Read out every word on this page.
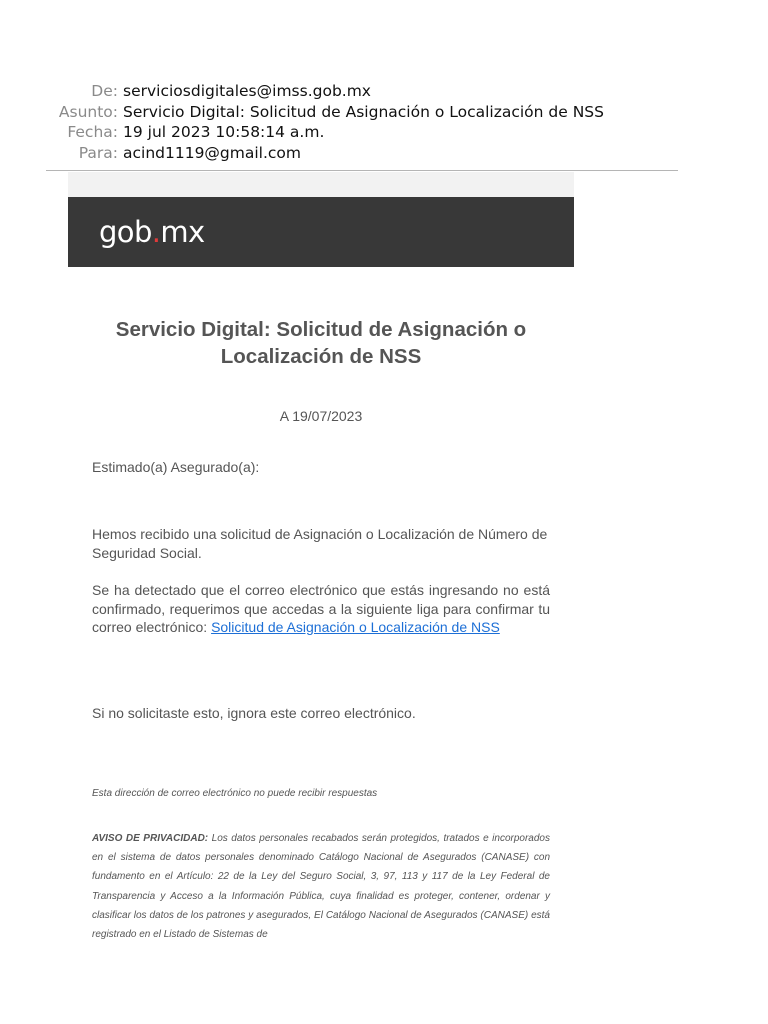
De: serviciosdigitales@imss.gob.mx
Asunto: Servicio Digital: Solicitud de Asignación o Localización de NSS
Fecha: 19 jul 2023 10:58:14 a.m.
Para: acind1119@gmail.com
gob.mx
Servicio Digital: Solicitud de Asignación o Localización de NSS
A 19/07/2023

Estimado(a) Asegurado(a):

Hemos recibido una solicitud de Asignación o Localización de Número de Seguridad Social.

Se ha detectado que el correo electrónico que estás ingresando no está confirmado, requerimos que accedas a la siguiente liga para confirmar tu correo electrónico: Solicitud de Asignación o Localización de NSS

Si no solicitaste esto, ignora este correo electrónico.

Esta dirección de correo electrónico no puede recibir respuestas
AVISO DE PRIVACIDAD: Los datos personales recabados serán protegidos, tratados e incorporados en el sistema de datos personales denominado Catálogo Nacional de Asegurados (CANASE) con fundamento en el Artículo: 22 de la Ley del Seguro Social, 3, 97, 113 y 117 de la Ley Federal de Transparencia y Acceso a la Información Pública, cuya finalidad es proteger, contener, ordenar y clasificar los datos de los patrones y asegurados, El Catálogo Nacional de Asegurados (CANASE) está registrado en el Listado de Sistemas de
